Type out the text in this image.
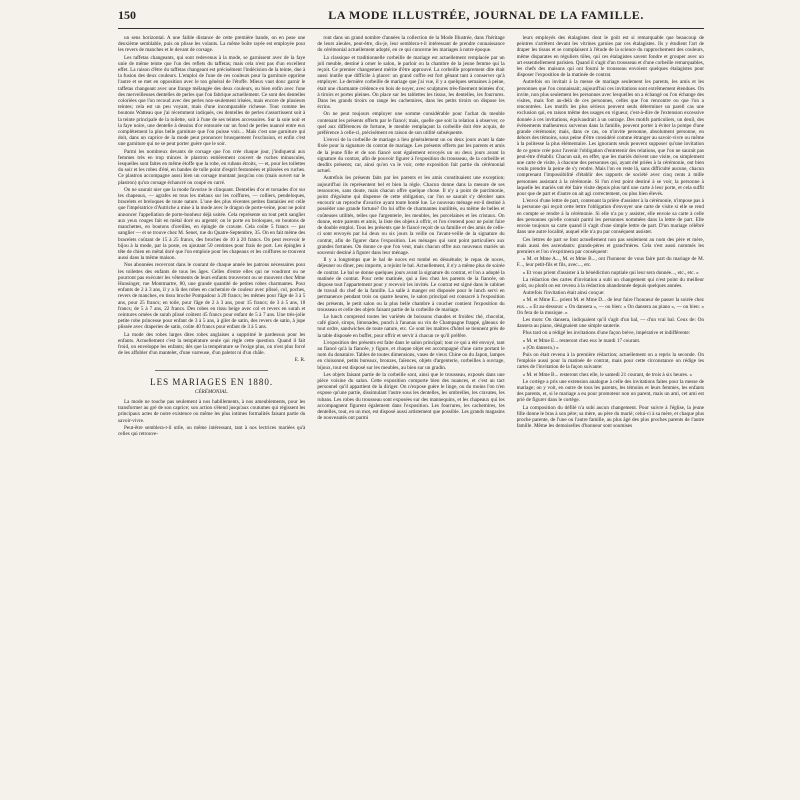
150	LA MODE ILLUSTRÉE, JOURNAL DE LA FAMILLE.

un sens horizontal. A une faible distance de cette première bande, on en pose une deuxième semblable, puis on plisse les volants. La même boîte rayée est employée pour les revers de manches et le devant de corsage.

Les taffetas changeants, qui sont redevenus à la mode, se garnissent avec de la faye unie de même teinte que l'un des reflets du taffetas; mais cela n'est pas d'un excellent effet. La raison d'être du taffetas changeant est précisément l'indécision de la teinte, due à la fusion des deux couleurs. L'emploi de l'une de ces couleurs pour la garniture opprime l'autre et se met en opposition avec le ton général de l'étoffe. Mieux vaut donc garnir le taffetas changeant avec une frange mélangée des deux couleurs, ou bien enfin avec l'une des merveilleuses dentelles de perles que l'on fabrique actuellement. Ce sont des dentelles coloriées que l'on recoud avec des perles non-seulement irisées, mais encore de plusieurs teintes; cela est un peu voyant, mais d'une incomparable richesse. Tout comme les boutons Watteau que j'ai récemment indiqués, ces dentelles de perles s'assortissent soit à la teinte principale de la toilette, soit à l'une de ses teintes accessoires. Sur la soie noir et la faye noire, une dentelle à dessins d'or entourée sur un fond de perles nuancé entre eux complètement la plus belle garniture que l'on puisse voir.... Mais c'est une garniture qui doit, dans un caprice de la mode peut prononcer brusquement l'exclusion, et enfin c'est une garniture qui ne se peut porter guère que le soir.

Parmi les nombreux devants de corsage que l'on crée chaque jour, j'indiquerai aux femmes très en trop minces le plastron entièrement couvert de ruches minuscules, lesquelles sont faites en même étoffe que la robe, en rubans étroits, — et, pour les toilettes du soir et les robes d'été, en bandes de tulle point d'esprit festonnées et plissées en ruches. Ce plastron accompagne aussi bien un corsage montant jusqu'au cou (mais ouvert sur le plastron) qu'un corsage échancré ou coupé en carré.

On ne saurait nier que la mode favorise le clinquant. Dentelles d'or et torsades d'or sur les chapeaux, — agrafes en tous les métaux sur les coiffures, — colliers, pendeloques, bracelets et breloques de toute nature. L'une des plus récentes petites fantaisies est celle que l'impératrice d'Autriche a mise à la mode avec le dragon de porte-veine, pour ne point annoncer l'appellation de porte-bonheur déjà usitée. Cela représente un tout petit sanglier aux yeux rouges fait en métal doré ou argenté; on le porte en broloques, en boutons de manchettes, en boutons d'oreilles, en épingle de cravate. Cela coûte 5 francs — par sanglier — et se trouve chez M. Senet, rue du Quatre-Septembre, 35. On en fait même des bracelets coûtant de 15 à 25 francs, des broches de 10 à 20 francs. On peut recevoir le bijou à la mode, par la poste, en ajoutant 50 centimes pour frais de port. Les épingles à tête de chien en métal doré que l'on emploie pour les chapeaux et les coiffures se trouvent aussi dans la même maison.

Nos abonnées recevront dans le courant de chaque année les patrons nécessaires pour les toilettes des enfants de tous les âges. Celles d'entre elles qui ne voudront ou ne pourront pas exécuter les vêtements de leurs enfants trouveront ou se mouvent chez Mme Hunsinger, rue Montmartre, 80, une grande quantité de petites robes charmantes. Pour enfants de 2 à 3 ans, il y a là des robes en cachemire de couleur avec plissé, col, poches, revers de manches, en tissu broché Pompadour à 20 francs; les mêmes pour l'âge de 3 à 5 ans, pour 25 francs; en toile, pour l'âge de 2 à 3 ans, pour 15 francs; de 3 à 5 ans, 18 francs; de 5 à 7 ans, 22 francs. Des robes en tissu beige avec col et revers en surah et ceintures ornées de surah plissé coûtent 45 francs pour enfant de 5 à 7 ans. Une très-jolie petite robe princesse pour enfant de 3 à 5 ans, à gilet de satin, des revers de satin, à jupe plissée avec draperies de satin, coûte 40 francs pour enfant de 3 à 5 ans.

La mode des robes larges dites robes anglaises a supprimé le pardessus pour les enfants. Actuellement c'est la température seule qui règle cette question. Quand il fait froid, on enveloppe les enfants; dès que la température se l'exige plus, on n'est plus forcé de les affubler d'un mantelet, d'une varreuse, d'un paletot ni d'un châle.

E. R.
LES MARIAGES EN 1880.
CÉRÉMONIAL.

La mode ne touche pas seulement à nos habillements, à nos ameublements, pour les transformer au gré de son caprice; son action s'étend jusqu'aux coutumes qui régissent les principaux actes de notre existence ou même les plus intimes formalités faisant partie du savoir-vivre.

Peut-être semblera-t-il utile, ou même intéressant, tant à nos lectrices mariées qu'à celles qui retrouve-

ront dans un grand nombre d'années la collection de la Mode Illustrée, dans l'héritage de leurs aïeules, peut-être, dis-je, leur semblera-t-il intéressant de prendre connaissance du cérémonial actuellement adopté, en ce qui concerne les mariages à notre époque.

La classique et traditionnelle corbeille de mariage est actuellement remplacée par un joli meuble, destiné à orner le salon, le parloir ou la chambre de la jeune femme qui la reçoit. Ce premier changement mérite d'être approuvé. La corbeille proprement dite était aussi inutile que difficile à placer: un grand coffre est fort gênant tant à conserver qu'à employer. Le dernière corbeille de mariage que j'ai vue, il y a quelques semaines à peine, était une charmante crédence en bois de noyer, avec sculptures très-finement teintées d'or, à tiroirs et portes pleines. On place sur les tablettes les tissus, les dentelles, les fourrures. Dans les grands tiroirs on range les cachemires, dans les petits tiroirs on dispose les écrins.

On ne peut toujours employer une somme considérable pour l'achat du meuble contenant les présents offerts par le fiancé; mais, quelle que soit la relation à observer, ce quel aux différences de fortune, le meuble remplaçant la corbeille doit être acquis, de préférence à celle-ci, précisément en raison de son utilité subséquente.

L'envoi de la corbeille de mariage a lieu généralement un ou deux jours avant la date fixée pour la signature du contrat de mariage. Les présents offerts par les parents et amis de la jeune fille et de son fiancé sont également envoyés un ou deux jours avant la signature du contrat, afin de pouvoir figurer à l'exposition du trousseau, de la corbeille et desdits présents; car, ainsi qu'on va le voir, cette exposition fait partie du cérémonial actuel.

Autrefois les présents faits par les parents et les amis constituaient une exception; aujourd'hui ils représentent bel et bien la règle. Chacun donne dans la mesure de ses ressources, sans doute, mais chacun offre quelque chose. Il n'y a point de parcimonie, point d'égoïsme qui dispense de cette obligation, car l'on se saurait s'y dérober sans encourir un reproche d'avarice ayant toute bonté lue. Le nouveau ménage est-il destiné à posséder une grande fortune? On lui offre de charmantes inutilités, ou même de belles et coûteuses utilités, telles que l'argenterie, les meubles, les porcelaines et les cristaux. On donne, entre parents et amis, la liste des objets à offrir, et l'on s'entend pour ne point faire de double emploi. Tous les présents que le fiancé reçoit de sa famille et des amis de celle-ci sont envoyés par lui deux ou six jours la veille ou l'avant-veille de la signature du contrat, afin de figurer dans l'exposition. Les ménages qui sont point particuliers aux grandes fortunes. On donne ce que l'on veut, mais chacun offre aux nouveaux mariés un souvenir destiné à figurer dans leur ménage.

Il y a longtemps que le bal de noces est tombé en désuétude; le repas de noces, déjeuner ou dîner, peu importe, a rejoint le bal. Actuellement, il n'y a même plus de soirée de contrat. Le bal se donne quelques jours avant la signature du contrat, et l'on a adopté la matinée de contrat. Pour cette matinée, qui a lieu chez les parents de la fiancée, on dispose tout l'appartement pour y recevoir les invités. Le contrat est signé dans le cabinet de travail du chef de la famille. La salle à manger est disposée pour le lunch servi en permanence pendant trois ou quatre heures, le salon principal est consacré à l'exposition des présents, le petit salon ou la plus belle chambre à coucher contient l'exposition du trousseau et celle des objets faisant partie de la corbeille de mariage.

Le lunch comprend toutes les variétés de boissons chaudes et froides: thé, chocolat, café glacé, sirops, limonades, punch à l'ananas ou vin de Champagne frappé, gâteaux de tout ordre, sandwiches de toute nature, etc. Ce sont les maîtres d'hôtel se tiennent près de la table disposée en buffet, pour offrir et servir à chacun ce qu'il préfère.

L'exposition des présents est faite dans le salon principal; tout ce qui a été envoyé, tant au fiancé qu'à la fiancée, y figure, et chaque objet est accompagné d'une carte portant le nom du donataire. Tables de toutes dimensions, vases de vieux Chine ou du Japon, lampes en cloisonné, petits bureaux, bronzes, faïences, objets d'argenterie, corbeilles à ouvrage, bijoux, tout est disposé sur les meubles, au bien sur un gradin.

Les objets faisant partie de la corbeille sont, ainsi que le trousseau, exposés dans une pièce voisine du salon. Cette exposition comporte bien des nuances, et c'est au tact personnel qu'il appartient de la diriger. On n'expose guère le linge, ou du moins l'on n'en expose qu'une partie, dissimulant l'autre sous les dentelles, les ombrelles, les cravates, les rubans. Les robes du trousseau sont exposées sur des mannequins, et les chapeaux qui les accompagnent figurent également dans l'exposition. Les fourrures, les cachemires, les dentelles, tout, en un mot, est disposé aussi artistement que possible. Les grands magasins de nouveautés ont parmi

leurs employés des étalagistes dont le goût est si remarquable que beaucoup de peintres s'arrêtent devant les vitrines garnies par ces étalagistes. Ils y étudient l'art de draper les tissus et se complaisent à l'étude de la science du rapprochement des couleurs, même disparates en réguliers tôles, qui ces étalagistes savent fondre et grouper avec un art essentiellement parisien. Quand il s'agit d'un trousseau et d'une corbeille remarquables, les chefs des maisons qui ont fourni le trousseau envoient quelques étalagistes pour disposer l'exposition de la matinée de contrat.

Autrefois on invitait à la messe de mariage seulement les parents, les amis et les personnes que l'on connaissait; aujourd'hui ces invitations sont extrêmement étendues. On invite, non plus seulement les personnes avec lesquelles on a échangé ou l'on échange des visites, mais fort au-delà de ces personnes, celles que l'on rencontre ou que l'on a rencontrées. Les motifs les plus sérieux peuvent seuls déterminer un pareil cas une exclusion qui, en raison même des usages en vigueur, c'est-à-dire de l'extension excessive donnée à ces invitations, équivaudrait à un outrage. Des motifs particuliers, un deuil, des événements malheureux survenus dans la famille, peuvent porter à éviter la pompe d'une grande cérémonie; mais, dans ce cas, on n'invite personne, absolument personne, en dehors des témoins, sous peine d'être considéré comme étranger au savoir-vivre ou même à la politesse la plus élémentaire. Les ignorants seuls peuvent supposer qu'une invitation de ce genre crée pour l'avenir l'obligation d'entretenir des relations, que l'on ne saurait pas peut-être d'établir. Chacun sait, en effet, que les mariés doivent une visite, ou simplement une carte de visite, à chacune des personnes qui, ayant été priées à la cérémonie, ont bien voulu prendre la peine de s'y rendre. Mais l'on en reste là, sans difficulté aucune, chacun comprenant l'impossibilité d'établir des rapports de société avec cinq cents à mille personnes assistant à la cérémonie. Si l'on n'est point destiné à se voir, la personne à laquelle les mariés ont été faire visite depuis plus tard une carte à leur porte, et cela suffit pour que de part et d'autre on ait agi correctement, ou plus bien élevés.

L'envoi d'une lettre de part, contenant la prière d'assister à la cérémonie, n'impose pas à la personne qui reçoit cette lettre l'obligation d'envoyer une carte de visite si elle se rend en compte se rendre à la cérémonie. Si elle n'a pu y assister, elle envoie sa carte à celle des personnes qu'elle connait parmi les personnes nommées dans la lettre de part. Elle envoie toujours sa carte quand il s'agit d'une simple lettre de part. D'un mariage célébré dans une autre localité, auquel elle n'a pu par conséquent assister.

Ces lettres de part se font actuellement non pas seulement au nom des père et mère, mais aussi des ascendants: grands-pères et grand'mères. Cela s'est aussi nommés les premiers et l'on s'exprimera par conséquent:

« M. et Mme A..., M. et Mme B..., ont l'honneur de vous faire part du mariage de M. F..., leur petit-fils et fils, avec..., etc.

« Et vous prient d'assister à la bénédiction nuptiale qui leur sera donnée..., etc., etc. »

La rédaction des cartes d'invitation a subi un changement qui n'est point du meilleur goût, ou plutôt on est revenu à la rédaction abandonnée depuis quelques années.

Autrefois l'invitation était ainsi conçue:

« M. et Mme E... prient M. et Mme D... de leur faire l'honneur de passer la soirée chez eux... » Et au-dessous: « On dansera », — ou bien: « On dansera au piano », — ou bien: « On fera de la musique. »

Les mots: On dansera, indiquaient qu'il s'agit d'un bal, — d'un vrai bal. Ceux de: On dansera au piano, désignaient une simple sauterie.

Plus tard on a rédigé les invitations d'une façon brève, impérative et indifférente:

« M. et Mme E... resteront chez eux le mardi 17 courant.

« (On dansera.) »

Puis on était revenu à la première rédaction; actuellement on a repris la seconde. On l'emploie aussi pour la matinée de contrat, mais pour cette circonstance on rédige les cartes de l'invitation de la façon suivante:

« M. et Mme B... resteront chez elle, le samedi 21 courant, de trois à six heures. »

Le cortège a pris une extension analogue à celle des invitations faites pour la messe de mariage; on y voit, en outre de tous les parents, les témoins et leurs femmes, les enfants des parents, et, si le mariage a eu pour promoteur non un parent, mais un ami, cet ami est prié de figurer dans le cortège.

La composition du défilé n'a subi aucun changement. Pour suivre à l'église, la jeune fille donne le bras à son père; sa mère, au père du marié; celui-ci à sa mère, et chaque plus proche parente, de l'une ou l'autre famille, au plus âgé des plus proches parents de l'autre famille. Même les demoiselles d'honneur sont soumises
